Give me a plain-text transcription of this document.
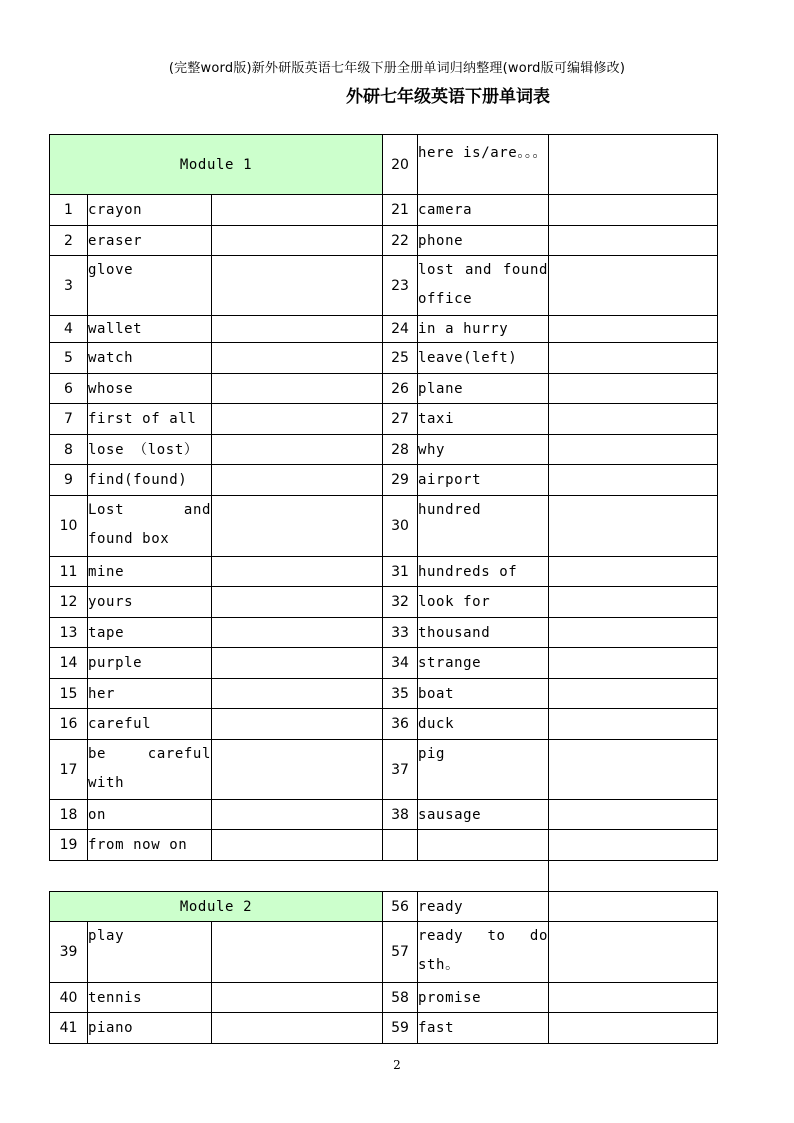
(完整word版)新外研版英语七年级下册全册单词归纳整理(word版可编辑修改)
外研七年级英语下册单词表
Module 1			20	here is/are。。。	
1	crayon		21	camera	
2	eraser		22	phone	
3	glove		23	lost and found office	
4	wallet		24	in a hurry	
5	watch		25	leave(left)	
6	whose		26	plane	
7	first of all		27	taxi	
8	lose （lost）		28	why	
9	find(found)		29	airport	
10	Lost and found box		30	hundred	
11	mine		31	hundreds of	
12	yours		32	look for	
13	tape		33	thousand	
14	purple		34	strange	
15	her		35	boat	
16	careful		36	duck	
17	be careful with		37	pig	
18	on		38	sausage	
19	from now on				
Module 2			56	ready	
39	play		57	ready to do sth。	
40	tennis		58	promise	
41	piano		59	fast	
2
